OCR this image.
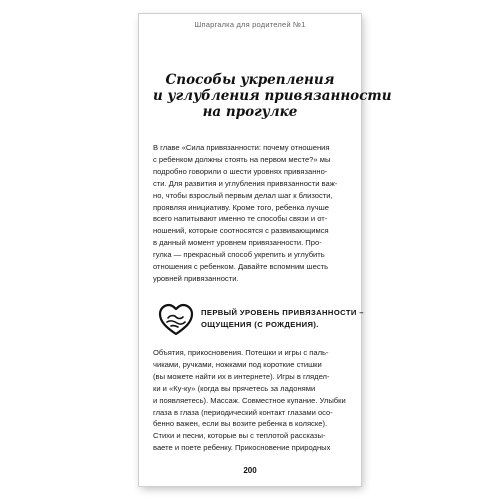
Шпаргалка для родителей №1
Способы укрепления
и углубления привязанности
на прогулке
В главе «Сила привязанности: почему отношения
с ребенком должны стоять на первом месте?» мы
подробно говорили о шести уровнях привязанно-
сти. Для развития и углубления привязанности важ-
но, чтобы взрослый первым делал шаг к близости,
проявляя инициативу. Кроме того, ребенка лучше
всего напитывают именно те способы связи и от-
ношений, которые соотносятся с развивающимся
в данный момент уровнем привязанности. Про-
гулка — прекрасный способ укрепить и углубить
отношения с ребенком. Давайте вспомним шесть
уровней привязанности.
ПЕРВЫЙ УРОВЕНЬ ПРИВЯЗАННОСТИ –
ОЩУЩЕНИЯ (С РОЖДЕНИЯ).
Объятия, прикосновения. Потешки и игры с паль-
чиками, ручками, ножками под короткие стишки
(вы можете найти их в интернете). Игры в глядел-
ки и «Ку-ку» (когда вы прячетесь за ладонями
и появляетесь). Массаж. Совместное купание. Улыбки
глаза в глаза (периодический контакт глазами осо-
бенно важен, если вы возите ребенка в коляске).
Стихи и песни, которые вы с теплотой рассказы-
ваете и поете ребенку. Прикосновение природных
200
